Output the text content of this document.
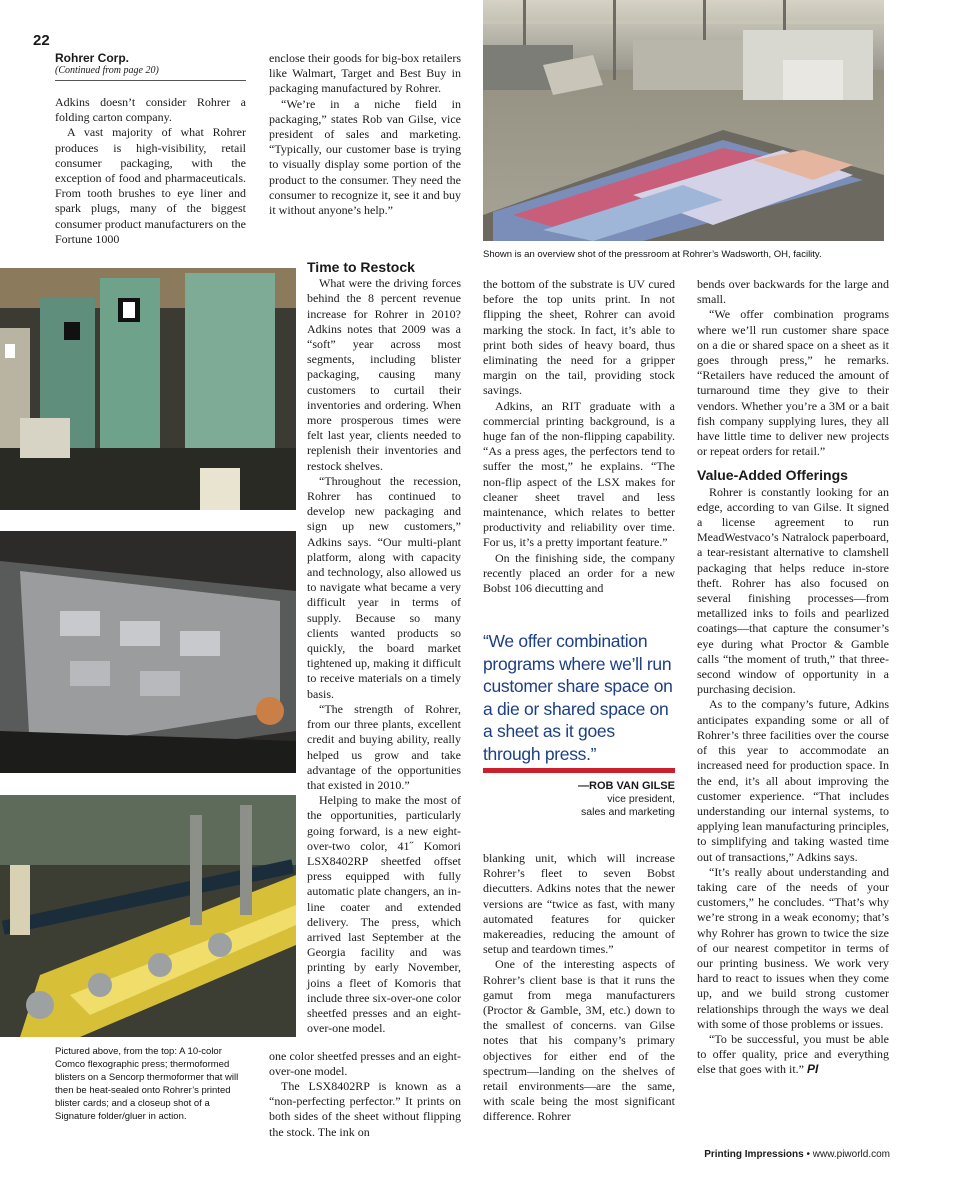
22
Rohrer Corp.
(Continued from page 20)

Adkins doesn’t consider Rohrer a folding carton company.

A vast majority of what Rohrer produces is high-visibility, retail consumer packaging, with the exception of food and pharmaceuticals. From tooth brushes to eye liner and spark plugs, many of the biggest consumer product manufacturers on the Fortune 1000

enclose their goods for big-box retailers like Walmart, Target and Best Buy in packaging manufactured by Rohrer.

“We’re in a niche field in packaging,” states Rob van Gilse, vice president of sales and marketing. “Typically, our customer base is trying to visually display some portion of the product to the consumer. They need the consumer to recognize it, see it and buy it without anyone’s help.”

Shown is an overview shot of the pressroom at Rohrer’s Wadsworth, OH, facility.
Pictured above, from the top: A 10-color Comco flexographic press; thermoformed blisters on a Sencorp thermoformer that will then be heat-sealed onto Rohrer’s printed blister cards; and a closeup shot of a Signature folder/gluer in action.
Time to Restock

What were the driving forces behind the 8 percent revenue increase for Rohrer in 2010? Adkins notes that 2009 was a “soft” year across most segments, including blister packaging, causing many customers to curtail their inventories and ordering. When more prosperous times were felt last year, clients needed to replenish their inventories and restock shelves.

“Throughout the recession, Rohrer has continued to develop new packaging and sign up new customers,” Adkins says. “Our multi-plant platform, along with capacity and technology, also allowed us to navigate what became a very difficult year in terms of supply. Because so many clients wanted products so quickly, the board market tightened up, making it difficult to receive materials on a timely basis.

“The strength of Rohrer, from our three plants, excellent credit and buying ability, really helped us grow and take advantage of the opportunities that existed in 2010.”

Helping to make the most of the opportunities, particularly going forward, is a new eight-over-two color, 41˝ Komori LSX8402RP sheetfed offset press equipped with fully automatic plate changers, an in-line coater and extended delivery. The press, which arrived last September at the Georgia facility and was printing by early November, joins a fleet of Komoris that include three six-over-one color sheetfed presses and an eight-over-one model.

one color sheetfed presses and an eight-over-one model.

The LSX8402RP is known as a “non-perfecting perfector.” It prints on both sides of the sheet without flipping the stock. The ink on

the bottom of the substrate is UV cured before the top units print. In not flipping the sheet, Rohrer can avoid marking the stock. In fact, it’s able to print both sides of heavy board, thus eliminating the need for a gripper margin on the tail, providing stock savings.

Adkins, an RIT graduate with a commercial printing background, is a huge fan of the non-flipping capability. “As a press ages, the perfectors tend to suffer the most,” he explains. “The non-flip aspect of the LSX makes for cleaner sheet travel and less maintenance, which relates to better productivity and reliability over time. For us, it’s a pretty important feature.”

On the finishing side, the company recently placed an order for a new Bobst 106 diecutting and

“We offer combination programs where we’ll run customer share space on a die or shared space on a sheet as it goes through press.”
—ROB VAN GILSE
vice president,
sales and marketing

blanking unit, which will increase Rohrer’s fleet to seven Bobst diecutters. Adkins notes that the newer versions are “twice as fast, with many automated features for quicker makereadies, reducing the amount of setup and teardown times.”

One of the interesting aspects of Rohrer’s client base is that it runs the gamut from mega manufacturers (Proctor & Gamble, 3M, etc.) down to the smallest of concerns. van Gilse notes that his company’s primary objectives for either end of the spectrum—landing on the shelves of retail environments—are the same, with scale being the most significant difference. Rohrer

bends over backwards for the large and small.

“We offer combination programs where we’ll run customer share space on a die or shared space on a sheet as it goes through press,” he remarks. “Retailers have reduced the amount of turnaround time they give to their vendors. Whether you’re a 3M or a bait fish company supplying lures, they all have little time to deliver new projects or repeat orders for retail.”

Value-Added Offerings

Rohrer is constantly looking for an edge, according to van Gilse. It signed a license agreement to run MeadWestvaco’s Natralock paperboard, a tear-resistant alternative to clamshell packaging that helps reduce in-store theft. Rohrer has also focused on several finishing processes—from metallized inks to foils and pearlized coatings—that capture the consumer’s eye during what Proctor & Gamble calls “the moment of truth,” that three-second window of opportunity in a purchasing decision.

As to the company’s future, Adkins anticipates expanding some or all of Rohrer’s three facilities over the course of this year to accommodate an increased need for production space. In the end, it’s all about improving the customer experience. “That includes understanding our internal systems, to applying lean manufacturing principles, to simplifying and taking wasted time out of transactions,” Adkins says.

“It’s really about understanding and taking care of the needs of your customers,” he concludes. “That’s why we’re strong in a weak economy; that’s why Rohrer has grown to twice the size of our nearest competitor in terms of our printing business. We work very hard to react to issues when they come up, and we build strong customer relationships through the ways we deal with some of those problems or issues.

“To be successful, you must be able to offer quality, price and everything else that goes with it.” PI

Printing Impressions • www.piworld.com
